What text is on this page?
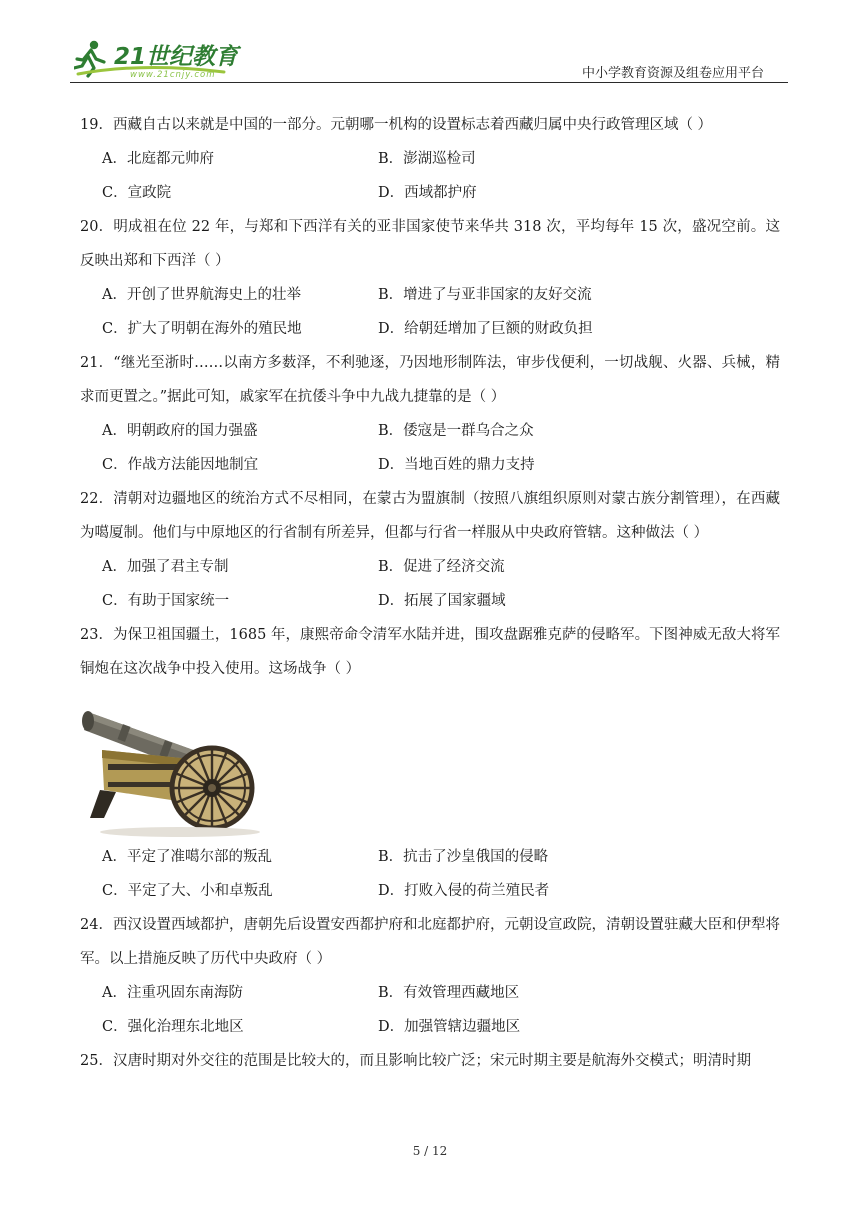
21世纪教育
www.21cnjy.com	中小学教育资源及组卷应用平台

19．西藏自古以来就是中国的一部分。元朝哪一机构的设置标志着西藏归属中央行政管理区域（ ）

A．北庭都元帅府	B．澎湖巡检司
C．宣政院	D．西域都护府

20．明成祖在位 22 年，与郑和下西洋有关的亚非国家使节来华共 318 次，平均每年 15 次，盛况空前。这反映出郑和下西洋（ ）

A．开创了世界航海史上的壮举	B．增进了与亚非国家的友好交流
C．扩大了明朝在海外的殖民地	D．给朝廷增加了巨额的财政负担

21．“继光至浙时……以南方多薮泽，不利驰逐，乃因地形制阵法，审步伐便利，一切战舰、火器、兵械，精求而更置之。”据此可知，戚家军在抗倭斗争中九战九捷靠的是（ ）

A．明朝政府的国力强盛	B．倭寇是一群乌合之众
C．作战方法能因地制宜	D．当地百姓的鼎力支持

22．清朝对边疆地区的统治方式不尽相同，在蒙古为盟旗制（按照八旗组织原则对蒙古族分割管理），在西藏为噶厦制。他们与中原地区的行省制有所差异，但都与行省一样服从中央政府管辖。这种做法（ ）

A．加强了君主专制	B．促进了经济交流
C．有助于国家统一	D．拓展了国家疆域

23．为保卫祖国疆土，1685 年，康熙帝命令清军水陆并进，围攻盘踞雅克萨的侵略军。下图神威无敌大将军铜炮在这次战争中投入使用。这场战争（ ）

A．平定了准噶尔部的叛乱	B．抗击了沙皇俄国的侵略
C．平定了大、小和卓叛乱	D．打败入侵的荷兰殖民者

24．西汉设置西域都护，唐朝先后设置安西都护府和北庭都护府，元朝设宣政院，清朝设置驻藏大臣和伊犁将军。以上措施反映了历代中央政府（ ）

A．注重巩固东南海防	B．有效管理西藏地区
C．强化治理东北地区	D．加强管辖边疆地区

25．汉唐时期对外交往的范围是比较大的，而且影响比较广泛；宋元时期主要是航海外交模式；明清时期

5 / 12
